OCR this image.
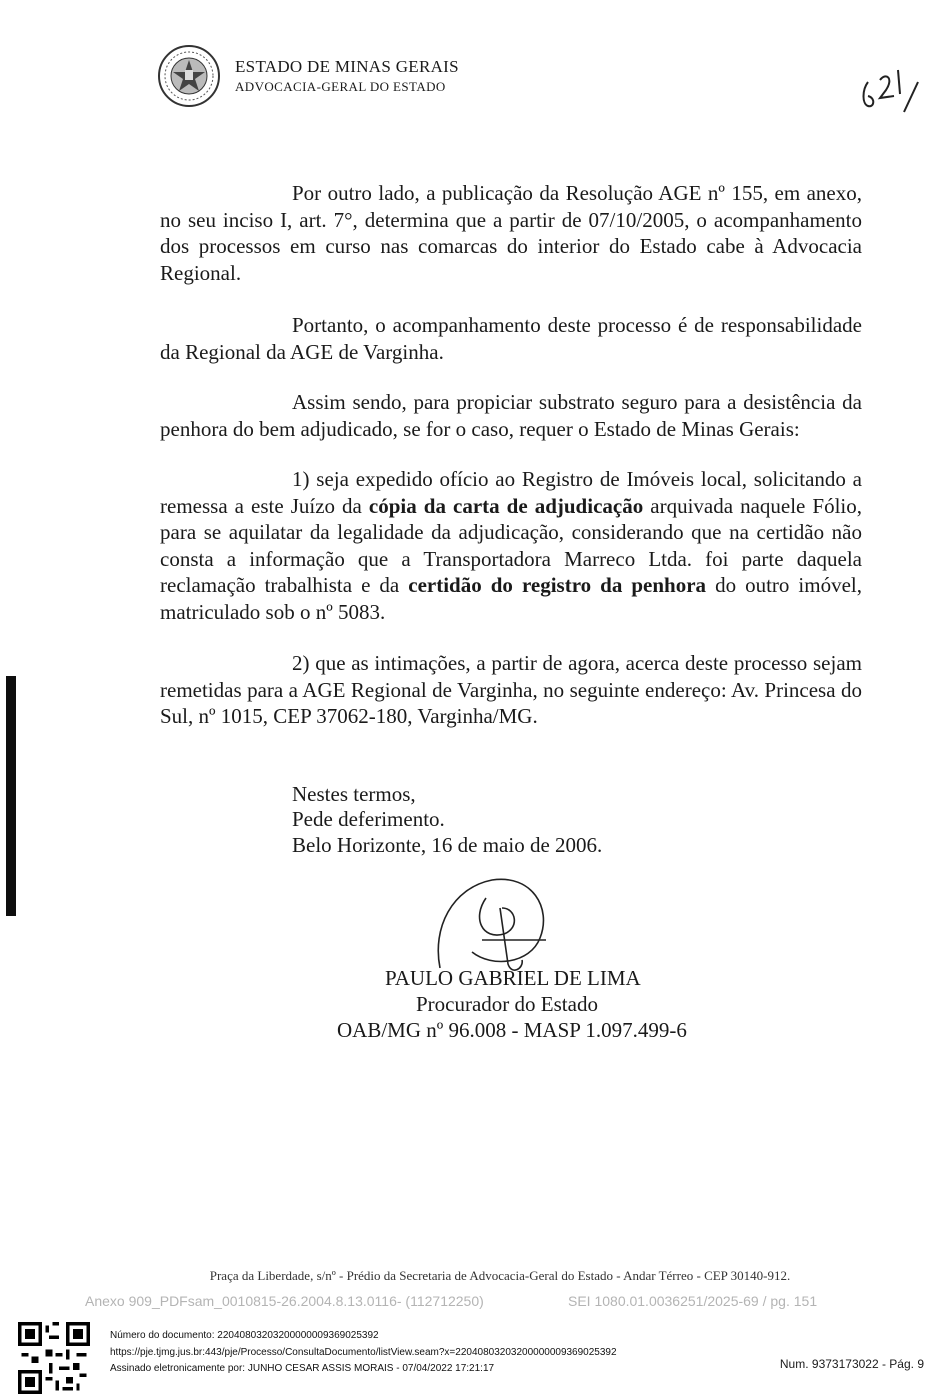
ESTADO DE MINAS GERAIS
ADVOCACIA-GERAL DO ESTADO
Por outro lado, a publicação da Resolução AGE nº 155, em anexo, no seu inciso I, art. 7°, determina que a partir de 07/10/2005, o acompanhamento dos processos em curso nas comarcas do interior do Estado cabe à Advocacia Regional.
Portanto, o acompanhamento deste processo é de responsabilidade da Regional da AGE de Varginha.
Assim sendo, para propiciar substrato seguro para a desistência da penhora do bem adjudicado, se for o caso, requer o Estado de Minas Gerais:
1) seja expedido ofício ao Registro de Imóveis local, solicitando a remessa a este Juízo da cópia da carta de adjudicação arquivada naquele Fólio, para se aquilatar da legalidade da adjudicação, considerando que na certidão não consta a informação que a Transportadora Marreco Ltda. foi parte daquela reclamação trabalhista e da certidão do registro da penhora do outro imóvel, matriculado sob o nº 5083.
2) que as intimações, a partir de agora, acerca deste processo sejam remetidas para a AGE Regional de Varginha, no seguinte endereço: Av. Princesa do Sul, nº 1015, CEP 37062-180, Varginha/MG.
Nestes termos,
Pede deferimento.
Belo Horizonte, 16 de maio de 2006.
PAULO GABRIEL DE LIMA
Procurador do Estado
OAB/MG nº 96.008 - MASP 1.097.499-6
Praça da Liberdade, s/nº - Prédio da Secretaria de Advocacia-Geral do Estado - Andar Térreo - CEP 30140-912.
Anexo 909_PDFsam_0010815-26.2004.8.13.0116- (112712250)	SEI 1080.01.0036251/2025-69 / pg. 151
Número do documento: 22040803203200000009369025392
https://pje.tjmg.jus.br:443/pje/Processo/ConsultaDocumento/listView.seam?x=22040803203200000009369025392
Assinado eletronicamente por: JUNHO CESAR ASSIS MORAIS - 07/04/2022 17:21:17	Num. 9373173022 - Pág. 9
